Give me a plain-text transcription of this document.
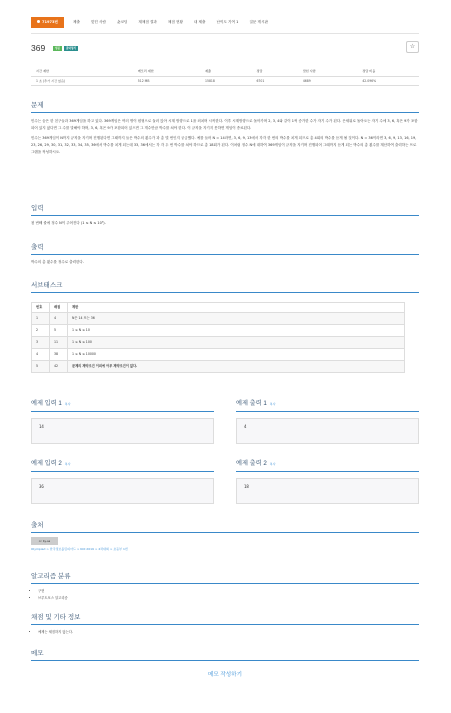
71973번	제출	맞힌 사람	숏코딩	재채점 결과	채점 현황	내 제출	난이도 기여 1	질문 게시판
369	성공	출력형식	☆
시간 제한	메모리 제한	제출	정답	맞힌 사람	정답 비율
1 초 (추가 시간 없음)	512 MB	15818	6701	4689	42.096%
문제
민수는 숨은 한 친구들과 369게임을 하고 있다. 369게임은 여러 명이 원형으로 둘러 앉아 시계 방향으로 1을 외치며 시작한다. 이후 시계방향으로 돌아가며 2, 3, 4와 같이 1씩 증가한 수가 자기 수가 된다. 은세워로 돌아오는 자기 수에 3, 6, 혹은 9가 포함되어 있지 않다면 그 수를 말해야 하며, 3, 6, 혹은 9가 포함되어 있으면 그 개수만큼 박수를 쳐야 한다. 이 규칙을 지키지 못하면 게임이 종료된다.
민수는 369게임이 N까지 규칙을 지키며 진행된다면 그때까지 들은 박수의 횟수가 과 총 몇 번인지 궁금했다. 예를 들어 N = 14라면, 3, 6, 9, 13에서 각각 한 번의 박수를 치게 되므로 총 4회의 박수를 듣게 될 것이다. N = 36이라면 3, 6, 9, 13, 16, 19, 23, 26, 29, 30, 31, 32, 33, 34, 35, 36에서 박수를 치게 되는데 33, 36에서는 각 각 두 번 박수를 쳐야 하므로 총 18회가 된다. 이처럼 정수 N에 대하여 369게임이 규칙을 지키며 진행되어 그때까지 듣게 되는 박수의 총 횟수를 계산하여 출력하는 프로그램을 작성하시오.
입력
첫 번째 줄에 정수 N이 주어진다 (1 ≤ N ≤ 10⁶).
출력
박수의 총 횟수를 정수로 출력한다.
서브태스크
번호	배점	제한
1	4	N은 14 또는 36
2	5	1 ≤ N ≤ 10
3	11	1 ≤ N ≤ 100
4	38	1 ≤ N ≤ 10000
5	42	문제의 제약조건 이외에 아무 제약조건이 없다.
예제 입력 1 복사
14
예제 출력 1 복사
4
예제 입력 2 복사
36
예제 출력 2 복사
18
출처
cc by-sa
Olympiad > 한국정보올림피아드 > KOI 2019 > 2차대회 > 초등부 1번
알고리즘 분류
• 구현
• 브루트포스 알고리즘
채점 및 기타 정보
• 예제는 채점하지 않는다.
메모
메모 작성하기
